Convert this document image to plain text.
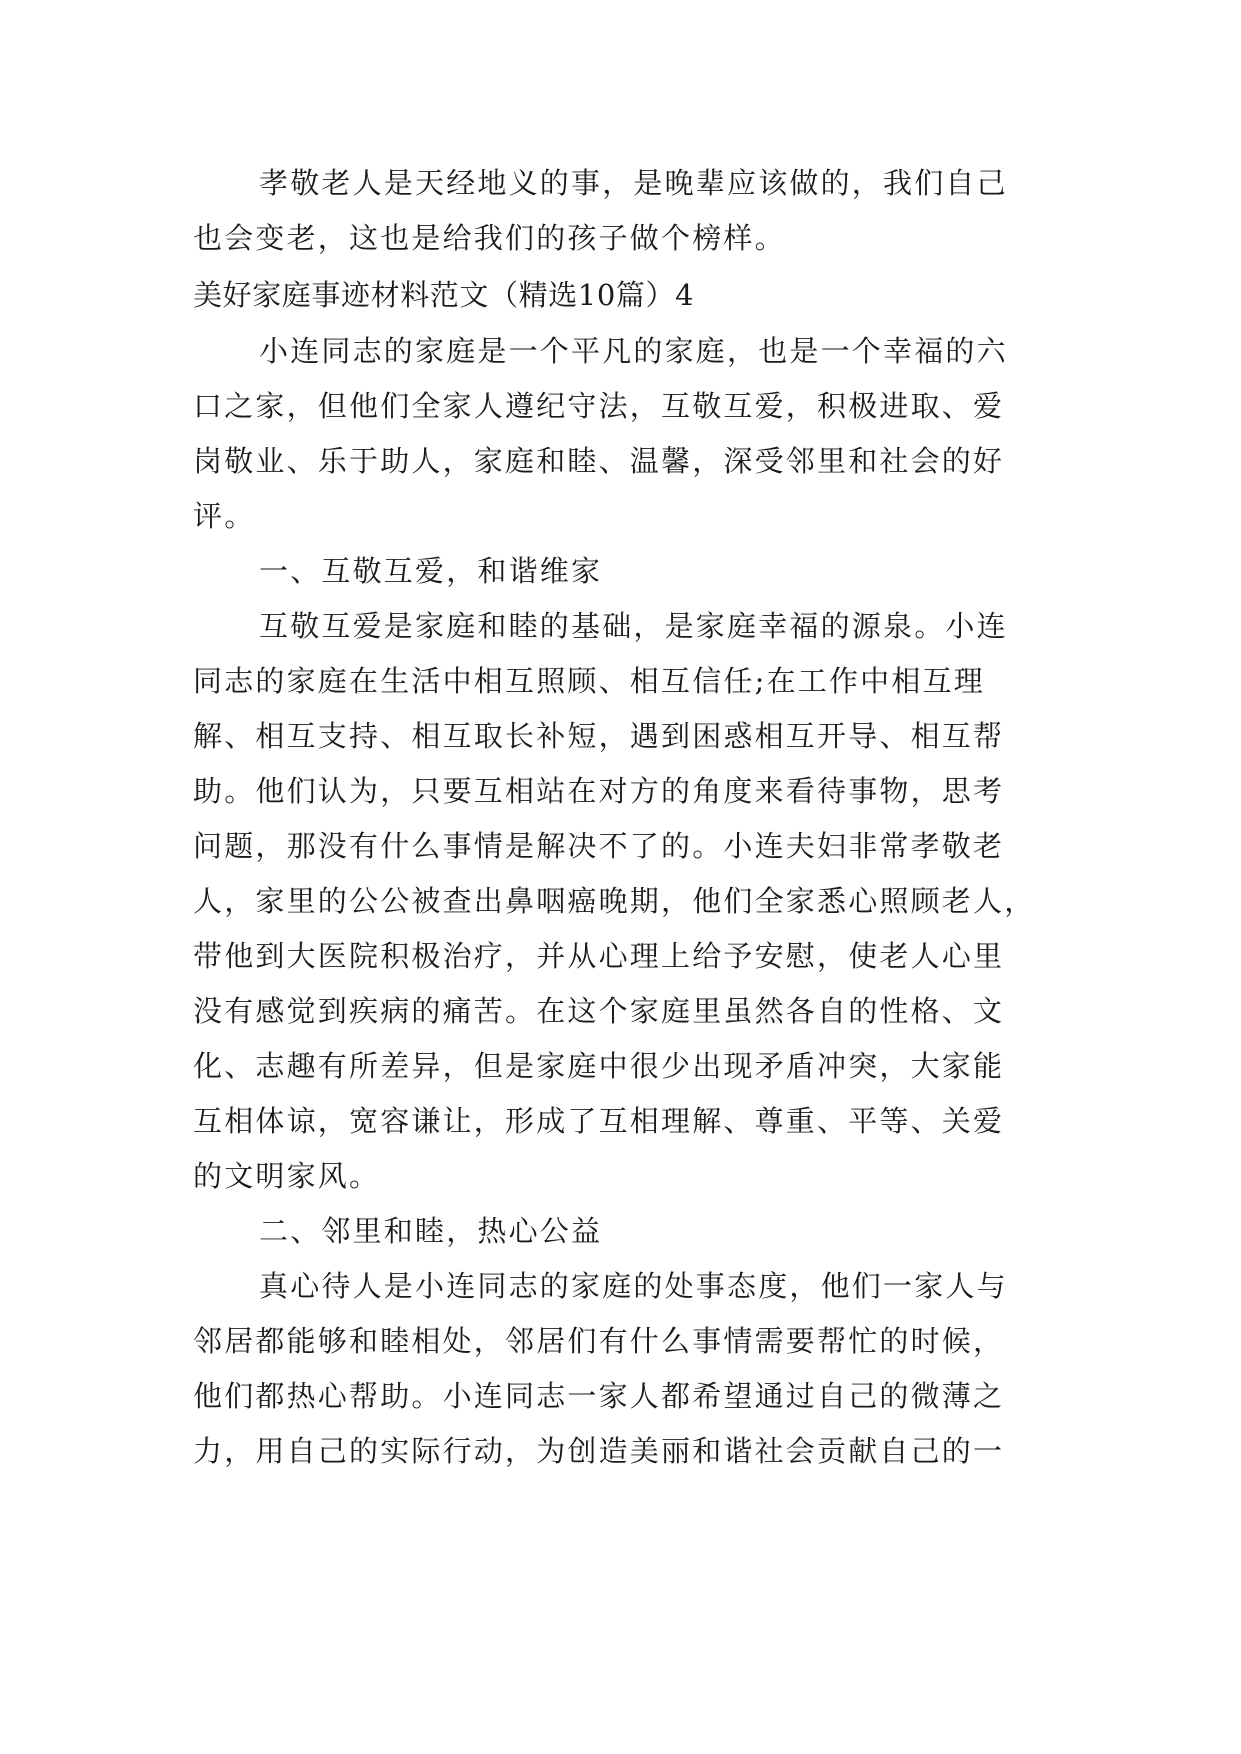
孝敬老人是天经地义的事，是晚辈应该做的，我们自己
也会变老，这也是给我们的孩子做个榜样。
美好家庭事迹材料范文（精选10篇）4
小连同志的家庭是一个平凡的家庭，也是一个幸福的六
口之家，但他们全家人遵纪守法，互敬互爱，积极进取、爱
岗敬业、乐于助人，家庭和睦、温馨，深受邻里和社会的好
评。
一、互敬互爱，和谐维家
互敬互爱是家庭和睦的基础，是家庭幸福的源泉。小连
同志的家庭在生活中相互照顾、相互信任;在工作中相互理
解、相互支持、相互取长补短，遇到困惑相互开导、相互帮
助。他们认为，只要互相站在对方的角度来看待事物，思考
问题，那没有什么事情是解决不了的。小连夫妇非常孝敬老
人，家里的公公被查出鼻咽癌晚期，他们全家悉心照顾老人，
带他到大医院积极治疗，并从心理上给予安慰，使老人心里
没有感觉到疾病的痛苦。在这个家庭里虽然各自的性格、文
化、志趣有所差异，但是家庭中很少出现矛盾冲突，大家能
互相体谅，宽容谦让，形成了互相理解、尊重、平等、关爱
的文明家风。
二、邻里和睦，热心公益
真心待人是小连同志的家庭的处事态度，他们一家人与
邻居都能够和睦相处，邻居们有什么事情需要帮忙的时候，
他们都热心帮助。小连同志一家人都希望通过自己的微薄之
力，用自己的实际行动，为创造美丽和谐社会贡献自己的一
